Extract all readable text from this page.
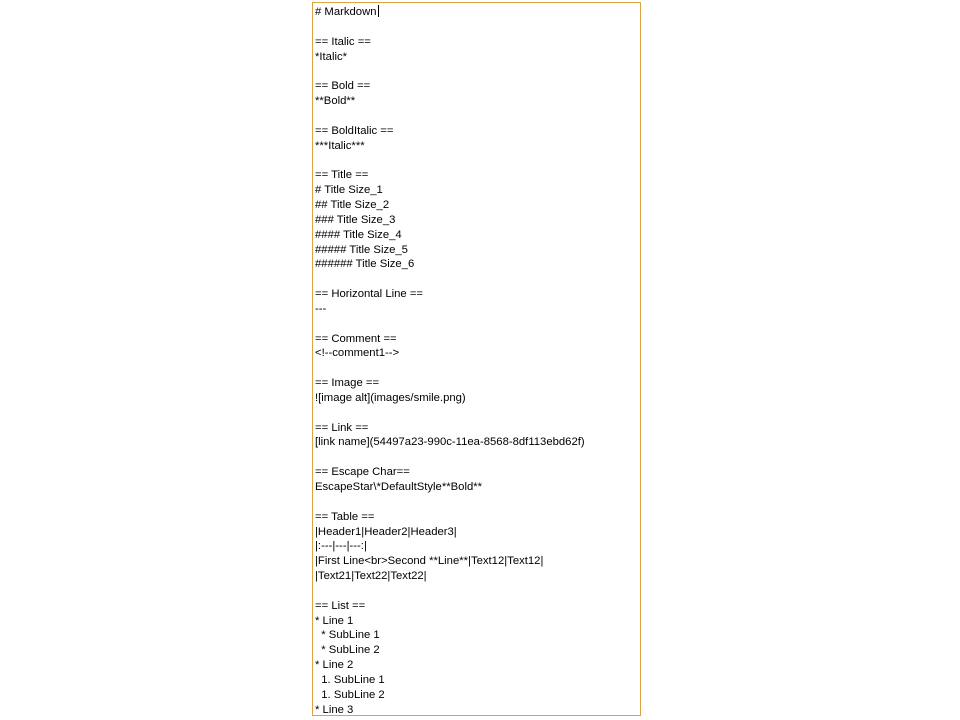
# Markdown
== Italic ==
*Italic*
== Bold ==
**Bold**
== BoldItalic ==
***Italic***
== Title ==
# Title Size_1
## Title Size_2
### Title Size_3
#### Title Size_4
##### Title Size_5
###### Title Size_6
== Horizontal Line ==
---
== Comment ==
<!--comment1-->
== Image ==
![image alt](images/smile.png)
== Link ==
[link name](54497a23-990c-11ea-8568-8df113ebd62f)
== Escape Char==
EscapeStar\*DefaultStyle**Bold**
== Table ==
|Header1|Header2|Header3|
|:---|---|---:|
|First Line<br>Second **Line**|Text12|Text12|
|Text21|Text22|Text22|
== List ==
* Line 1
* SubLine 1
* SubLine 2
* Line 2
1. SubLine 1
1. SubLine 2
* Line 3
